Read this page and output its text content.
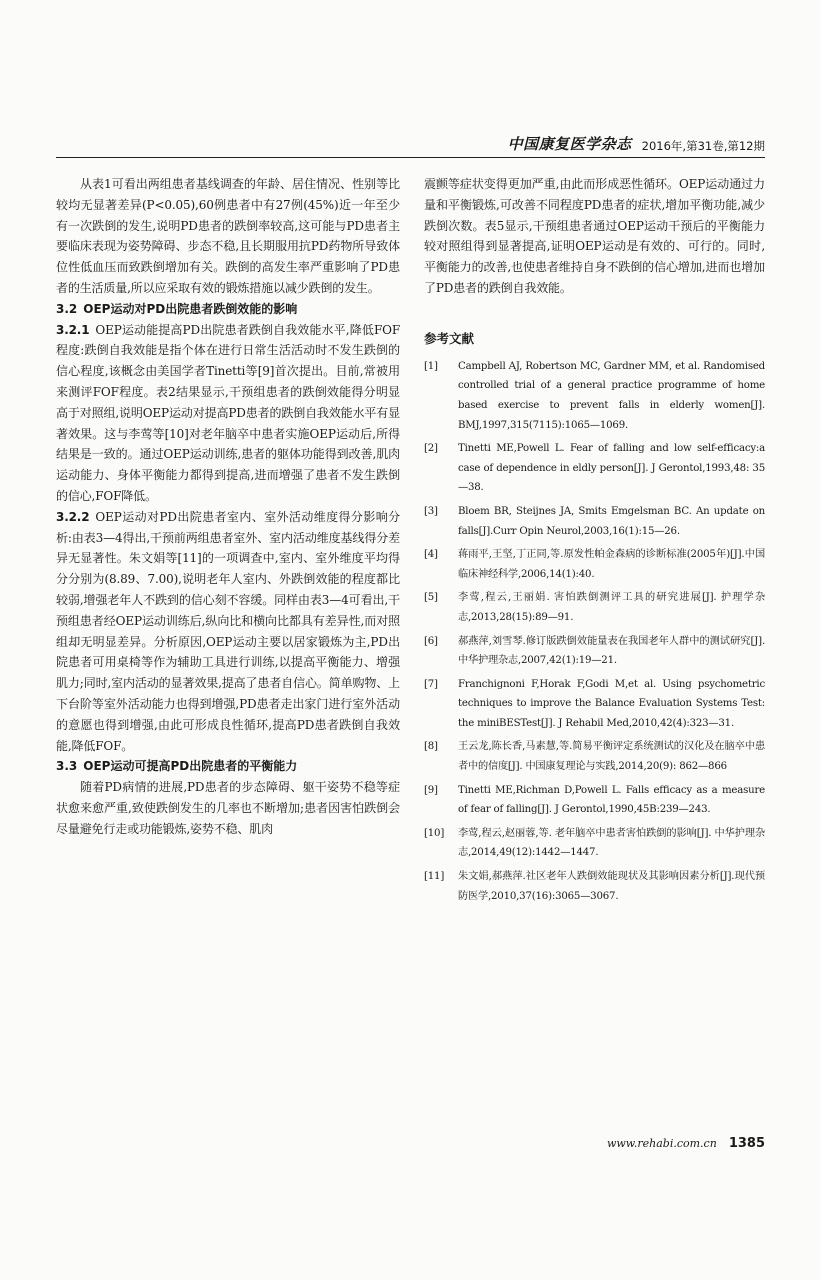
中国康复医学杂志 2016年,第31卷,第12期

从表1可看出两组患者基线调查的年龄、居住情况、性别等比较均无显著差异(P<0.05),60例患者中有27例(45%)近一年至少有一次跌倒的发生,说明PD患者的跌倒率较高,这可能与PD患者主要临床表现为姿势障碍、步态不稳,且长期服用抗PD药物所导致体位性低血压而致跌倒增加有关。跌倒的高发生率严重影响了PD患者的生活质量,所以应采取有效的锻炼措施以减少跌倒的发生。

3.2 OEP运动对PD出院患者跌倒效能的影响

3.2.1 OEP运动能提高PD出院患者跌倒自我效能水平,降低FOF程度:跌倒自我效能是指个体在进行日常生活活动时不发生跌倒的信心程度,该概念由美国学者Tinetti等[9]首次提出。目前,常被用来测评FOF程度。表2结果显示,干预组患者的跌倒效能得分明显高于对照组,说明OEP运动对提高PD患者的跌倒自我效能水平有显著效果。这与李莺等[10]对老年脑卒中患者实施OEP运动后,所得结果是一致的。通过OEP运动训练,患者的躯体功能得到改善,肌肉运动能力、身体平衡能力都得到提高,进而增强了患者不发生跌倒的信心,FOF降低。

3.2.2 OEP运动对PD出院患者室内、室外活动维度得分影响分析:由表3—4得出,干预前两组患者室外、室内活动维度基线得分差异无显著性。朱文娟等[11]的一项调查中,室内、室外维度平均得分分别为(8.89、7.00),说明老年人室内、外跌倒效能的程度都比较弱,增强老年人不跌到的信心刻不容缓。同样由表3—4可看出,干预组患者经OEP运动训练后,纵向比和横向比都具有差异性,而对照组却无明显差异。分析原因,OEP运动主要以居家锻炼为主,PD出院患者可用桌椅等作为辅助工具进行训练,以提高平衡能力、增强肌力;同时,室内活动的显著效果,提高了患者自信心。简单购物、上下台阶等室外活动能力也得到增强,PD患者走出家门进行室外活动的意愿也得到增强,由此可形成良性循环,提高PD患者跌倒自我效能,降低FOF。

3.3 OEP运动可提高PD出院患者的平衡能力

随着PD病情的进展,PD患者的步态障碍、躯干姿势不稳等症状愈来愈严重,致使跌倒发生的几率也不断增加;患者因害怕跌倒会尽量避免行走或功能锻炼,姿势不稳、肌肉

震颤等症状变得更加严重,由此而形成恶性循环。OEP运动通过力量和平衡锻炼,可改善不同程度PD患者的症状,增加平衡功能,减少跌倒次数。表5显示,干预组患者通过OEP运动干预后的平衡能力较对照组得到显著提高,证明OEP运动是有效的、可行的。同时,平衡能力的改善,也使患者维持自身不跌倒的信心增加,进而也增加了PD患者的跌倒自我效能。

参考文献
[1]	Campbell AJ, Robertson MC, Gardner MM, et al. Randomised controlled trial of a general practice programme of home based exercise to prevent falls in elderly women[J]. BMJ,1997,315(7115):1065—1069.
[2]	Tinetti ME,Powell L. Fear of falling and low self-efficacy:a case of dependence in eldly person[J]. J Gerontol,1993,48: 35—38.
[3]	Bloem BR, Steijnes JA, Smits Emgelsman BC. An update on falls[J].Curr Opin Neurol,2003,16(1):15—26.
[4]	蒋雨平,王坚,丁正同,等.原发性帕金森病的诊断标准(2005年)[J].中国临床神经科学,2006,14(1):40.
[5]	李莺,程云,王丽娟. 害怕跌倒测评工具的研究进展[J]. 护理学杂志,2013,28(15):89—91.
[6]	郝燕萍,刘雪琴.修订版跌倒效能量表在我国老年人群中的测试研究[J]. 中华护理杂志,2007,42(1):19—21.
[7]	Franchignoni F,Horak F,Godi M,et al. Using psychometric techniques to improve the Balance Evaluation Systems Test: the miniBESTest[J]. J Rehabil Med,2010,42(4):323—31.
[8]	王云龙,陈长香,马素慧,等.简易平衡评定系统测试的汉化及在脑卒中患者中的信度[J]. 中国康复理论与实践,2014,20(9): 862—866
[9]	Tinetti ME,Richman D,Powell L. Falls efficacy as a measure of fear of falling[J]. J Gerontol,1990,45B:239—243.
[10]	李莺,程云,赵丽蓉,等. 老年脑卒中患者害怕跌倒的影响[J]. 中华护理杂志,2014,49(12):1442—1447.
[11]	朱文娟,郝燕萍.社区老年人跌倒效能现状及其影响因素分析[J].现代预防医学,2010,37(16):3065—3067.
www.rehabi.com.cn 1385
